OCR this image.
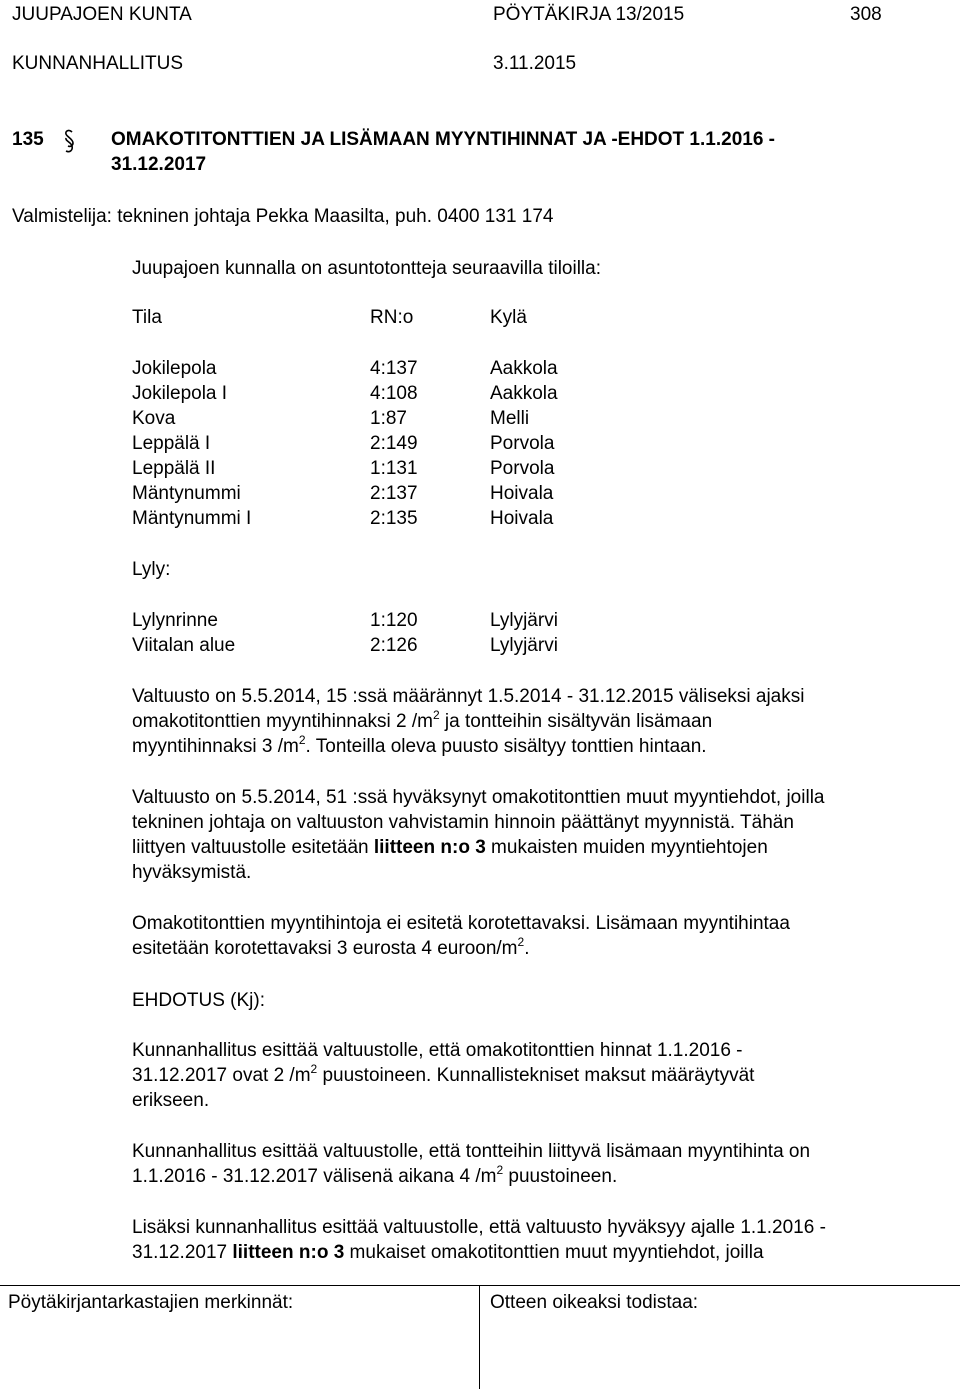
JUUPAJOEN KUNTA	PÖYTÄKIRJA 13/2015	308
KUNNANHALLITUS	3.11.2015
135	OMAKOTITONTTIEN JA LISÄMAAN MYYNTIHINNAT JA -EHDOT 1.1.2016 -
31.12.2017
Valmistelija: tekninen johtaja Pekka Maasilta, puh. 0400 131 174
Juupajoen kunnalla on asuntotontteja seuraavilla tiloilla:
Tila	RN:o	Kylä
Jokilepola	4:137	Aakkola
Jokilepola I	4:108	Aakkola
Kova	1:87	Melli
Leppälä I	2:149	Porvola
Leppälä II	1:131	Porvola
Mäntynummi	2:137	Hoivala
Mäntynummi I	2:135	Hoivala
Lyly:
Lylynrinne	1:120	Lylyjärvi
Viitalan alue	2:126	Lylyjärvi
Valtuusto on 5.5.2014, 15 :ssä määrännyt 1.5.2014 - 31.12.2015 väliseksi ajaksi
omakotitonttien myyntihinnaksi 2 $/m^2$ ja tontteihin sisältyvän lisämaan
myyntihinnaksi 3 $/m^2$. Tonteilla oleva puusto sisältyy tonttien hintaan.
Valtuusto on 5.5.2014, 51 :ssä hyväksynyt omakotitonttien muut myyntiehdot, joilla
tekninen johtaja on valtuuston vahvistamin hinnoin päättänyt myynnistä. Tähän
liittyen valtuustolle esitetään liitteen n:o 3 mukaisten muiden myyntiehtojen
hyväksymistä.
Omakotitonttien myyntihintoja ei esitetä korotettavaksi. Lisämaan myyntihintaa
esitetään korotettavaksi 3 eurosta 4 euroon/$m^2$.
EHDOTUS (Kj):
Kunnanhallitus esittää valtuustolle, että omakotitonttien hinnat 1.1.2016 -
31.12.2017 ovat 2 $/m^2$ puustoineen. Kunnallistekniset maksut määräytyvät
erikseen.
Kunnanhallitus esittää valtuustolle, että tontteihin liittyvä lisämaan myyntihinta on
1.1.2016 - 31.12.2017 välisenä aikana 4 $/m^2$ puustoineen.
Lisäksi kunnanhallitus esittää valtuustolle, että valtuusto hyväksyy ajalle 1.1.2016 -
31.12.2017 liitteen n:o 3 mukaiset omakotitonttien muut myyntiehdot, joilla
Pöytäkirjantarkastajien merkinnät:	Otteen oikeaksi todistaa:
